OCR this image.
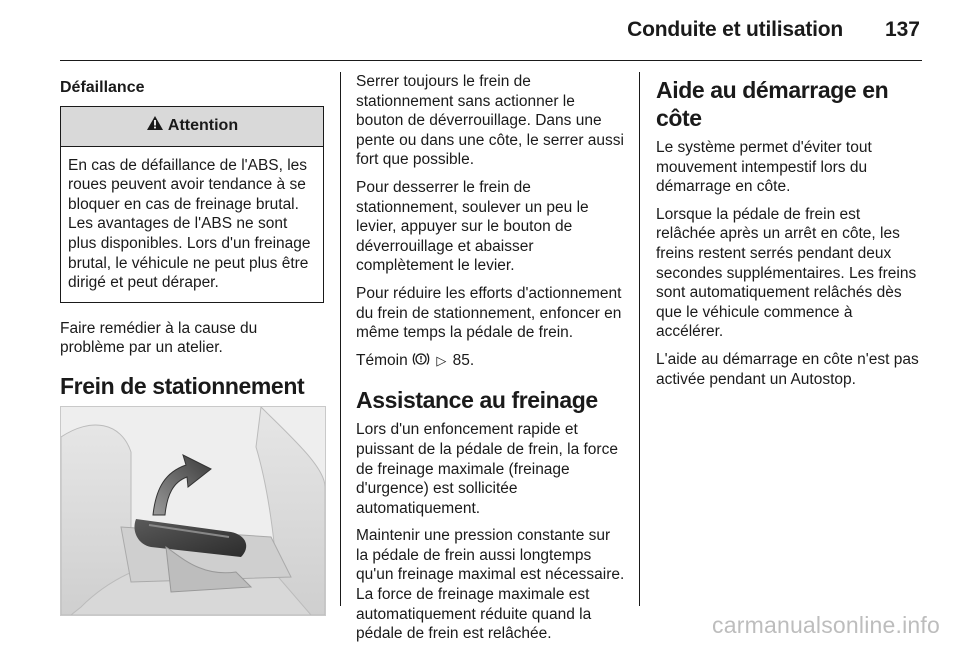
Conduite et utilisation	137
Défaillance
Attention

En cas de défaillance de l'ABS, les roues peuvent avoir tendance à se bloquer en cas de freinage brutal. Les avantages de l'ABS ne sont plus disponibles. Lors d'un freinage brutal, le véhicule ne peut plus être dirigé et peut déraper.

Faire remédier à la cause du problème par un atelier.

Frein de stationnement

Serrer toujours le frein de stationnement sans actionner le bouton de déverrouillage. Dans une pente ou dans une côte, le serrer aussi fort que possible.

Pour desserrer le frein de stationnement, soulever un peu le levier, appuyer sur le bouton de déverrouillage et abaisser complètement le levier.

Pour réduire les efforts d'actionnement du frein de stationnement, enfoncer en même temps la pédale de frein.

Témoin ▷ 85.

Assistance au freinage

Lors d'un enfoncement rapide et puissant de la pédale de frein, la force de freinage maximale (freinage d'urgence) est sollicitée automatiquement.

Maintenir une pression constante sur la pédale de frein aussi longtemps qu'un freinage maximal est nécessaire. La force de freinage maximale est automatiquement réduite quand la pédale de frein est relâchée.

Aide au démarrage en côte

Le système permet d'éviter tout mouvement intempestif lors du démarrage en côte.

Lorsque la pédale de frein est relâchée après un arrêt en côte, les freins restent serrés pendant deux secondes supplémentaires. Les freins sont automatiquement relâchés dès que le véhicule commence à accélérer.

L'aide au démarrage en côte n'est pas activée pendant un Autostop.

carmanualsonline.info
